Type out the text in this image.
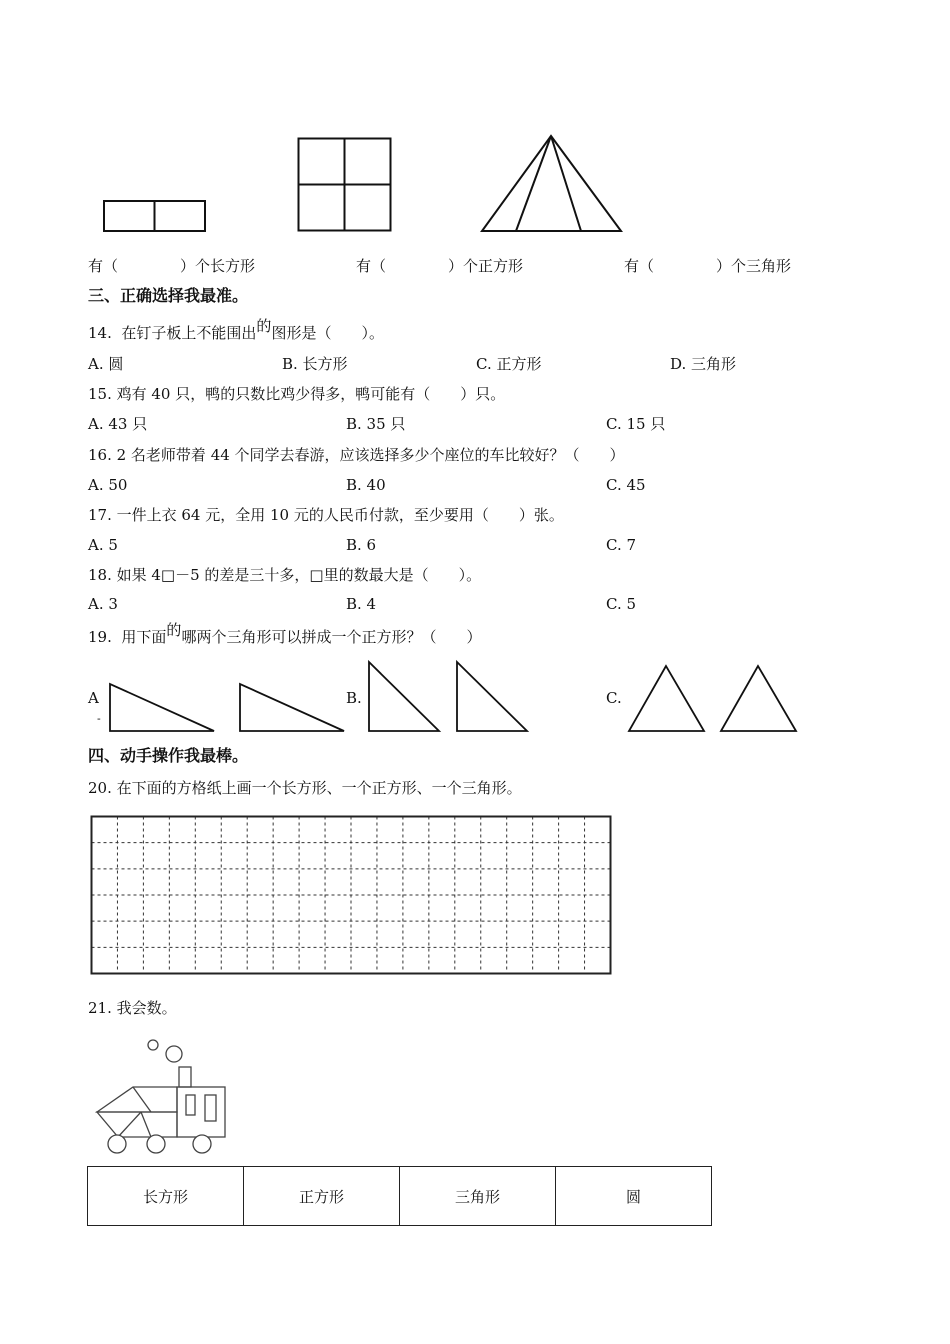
有（	）个长方形	有（	）个正方形	有（	）个三角形
三、正确选择我最准。
14. 在钉子板上不能围出的图形是（　　）。
A. 圆	B. 长方形	C. 正方形	D. 三角形
15. 鸡有 40 只，鸭的只数比鸡少得多，鸭可能有（　　）只。
A. 43 只	B. 35 只	C. 15 只
16. 2 名老师带着 44 个同学去春游，应该选择多少个座位的车比较好？（　　）
A. 50	B. 40	C. 45
17. 一件上衣 64 元，全用 10 元的人民币付款，至少要用（　　）张。
A. 5	B. 6	C. 7
18. 如果 4□－5 的差是三十多，□里的数最大是（　　）。
A. 3	B. 4	C. 5
19. 用下面的哪两个三角形可以拼成一个正方形？（　　）
A
-
B.	C.
四、动手操作我最棒。
20. 在下面的方格纸上画一个长方形、一个正方形、一个三角形。
21. 我会数。
长方形	正方形	三角形	圆
